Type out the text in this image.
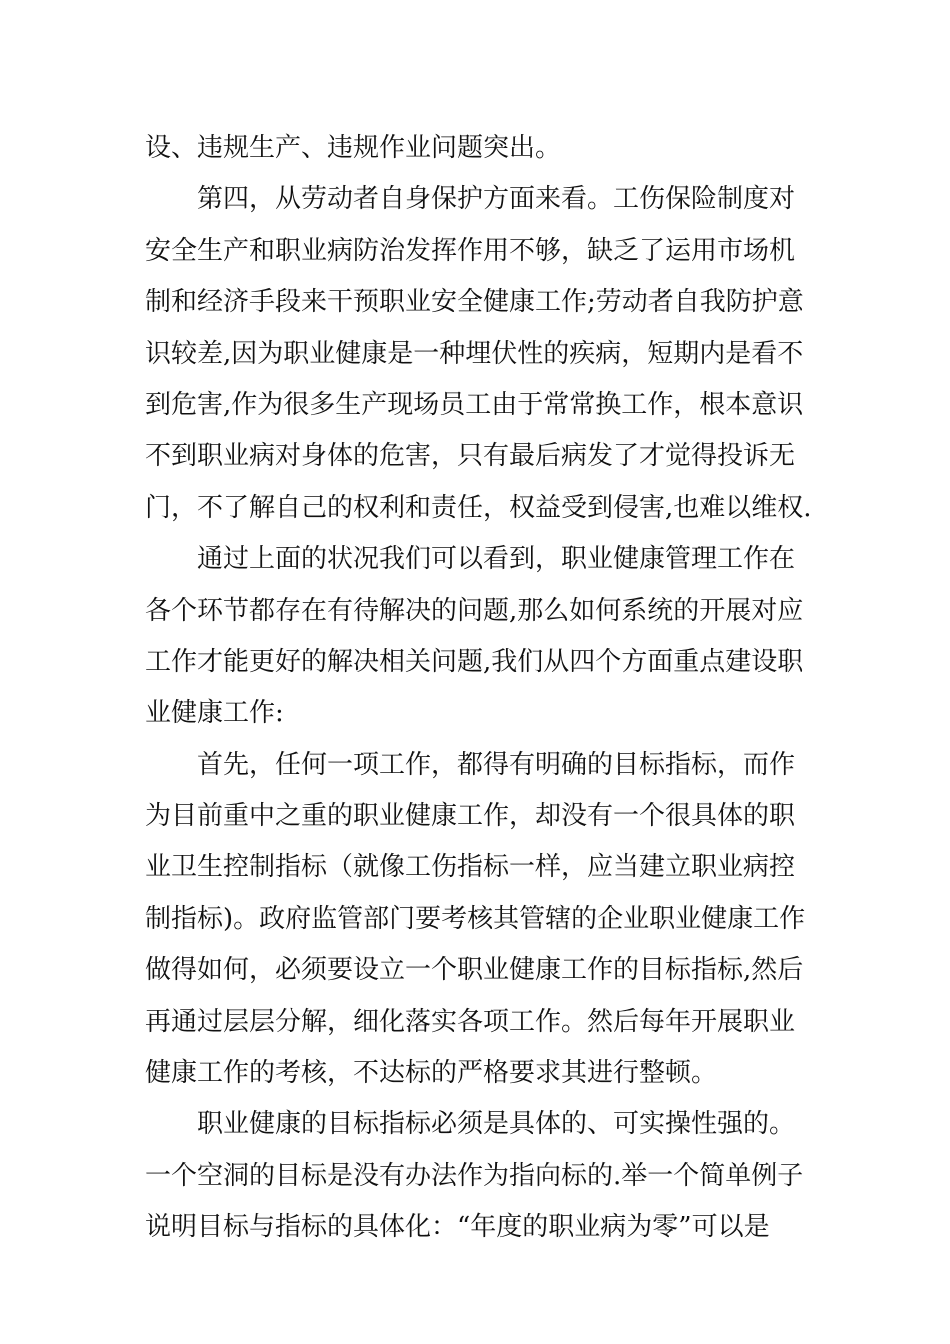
设、违规生产、违规作业问题突出。
第四，从劳动者自身保护方面来看。工伤保险制度对
安全生产和职业病防治发挥作用不够，缺乏了运用市场机
制和经济手段来干预职业安全健康工作;劳动者自我防护意
识较差,因为职业健康是一种埋伏性的疾病，短期内是看不
到危害,作为很多生产现场员工由于常常换工作，根本意识
不到职业病对身体的危害，只有最后病发了才觉得投诉无
门，不了解自己的权利和责任，权益受到侵害,也难以维权.
通过上面的状况我们可以看到，职业健康管理工作在
各个环节都存在有待解决的问题,那么如何系统的开展对应
工作才能更好的解决相关问题,我们从四个方面重点建设职
业健康工作:
首先，任何一项工作，都得有明确的目标指标，而作
为目前重中之重的职业健康工作，却没有一个很具体的职
业卫生控制指标（就像工伤指标一样，应当建立职业病控
制指标)。政府监管部门要考核其管辖的企业职业健康工作
做得如何，必须要设立一个职业健康工作的目标指标,然后
再通过层层分解，细化落实各项工作。然后每年开展职业
健康工作的考核，不达标的严格要求其进行整顿。
职业健康的目标指标必须是具体的、可实操性强的。
一个空洞的目标是没有办法作为指向标的.举一个简单例子
说明目标与指标的具体化：“年度的职业病为零”可以是
